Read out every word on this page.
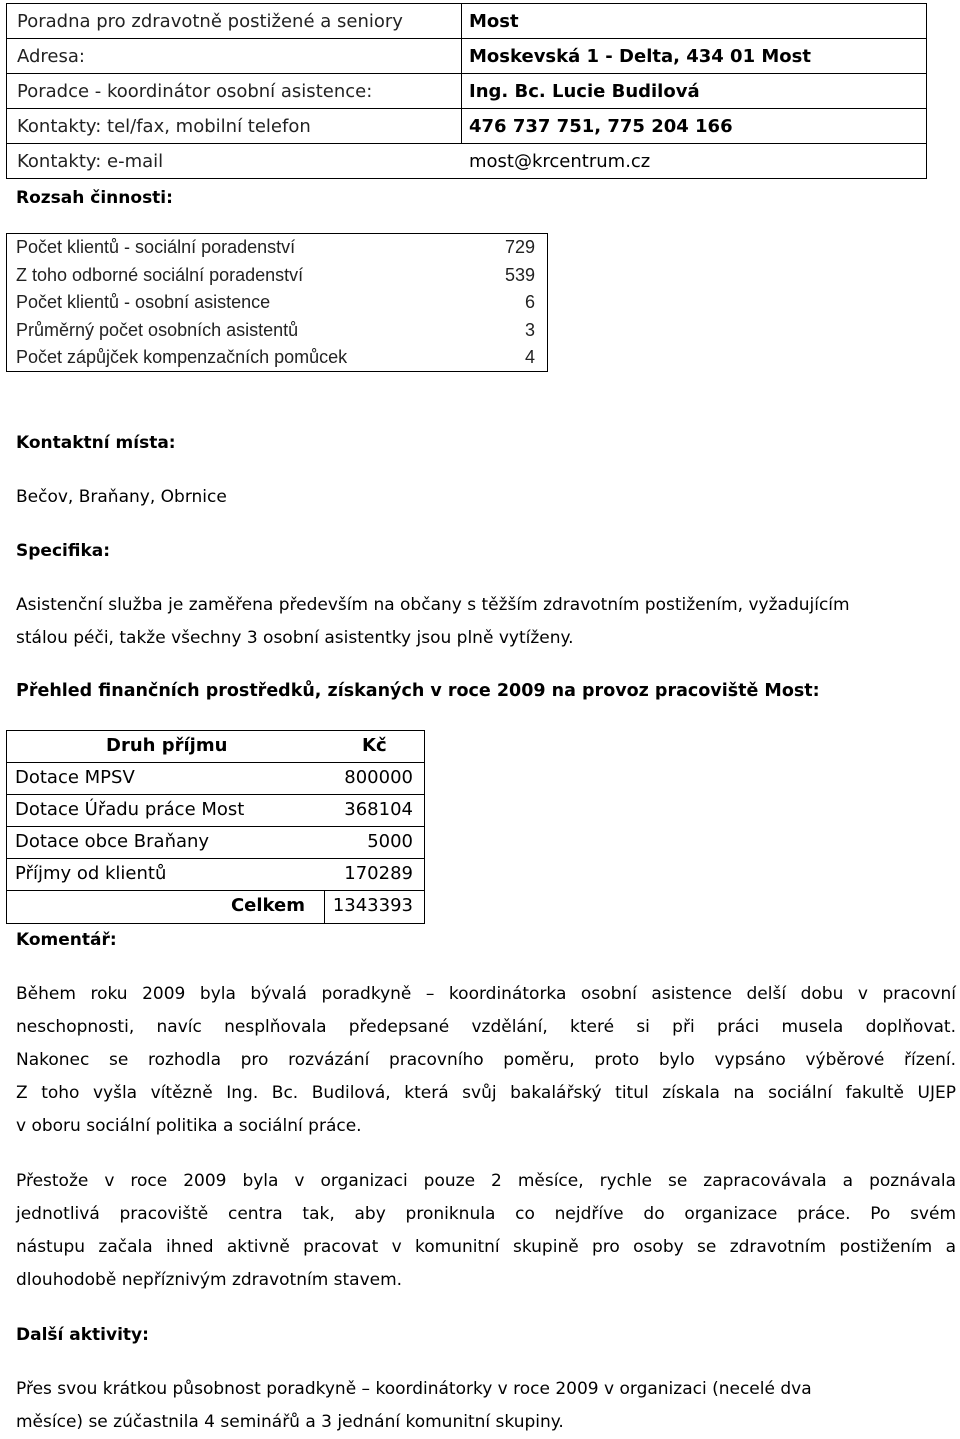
Poradna pro zdravotně postižené a seniory	Most
Adresa:	Moskevská 1 - Delta, 434 01 Most
Poradce - koordinátor osobní asistence:	Ing. Bc. Lucie Budilová
Kontakty: tel/fax, mobilní telefon	476 737 751, 775 204 166
Kontakty: e-mail	most@krcentrum.cz
Rozsah činnosti:
Počet klientů - sociální poradenství	729
Z toho odborné sociální poradenství	539
Počet klientů - osobní asistence	6
Průměrný počet osobních asistentů	3
Počet zápůjček kompenzačních pomůcek	4
Kontaktní místa:
Bečov, Braňany, Obrnice
Specifika:
Asistenční služba je zaměřena především na občany s těžším zdravotním postižením, vyžadujícím
stálou péči, takže všechny 3 osobní asistentky jsou plně vytíženy.
Přehled finančních prostředků, získaných v roce 2009 na provoz pracoviště Most:
Druh příjmu	Kč
Dotace MPSV	800000
Dotace Úřadu práce Most	368104
Dotace obce Braňany	5000
Příjmy od klientů	170289
Celkem 1343393
Komentář:
Během roku 2009 byla bývalá poradkyně – koordinátorka osobní asistence delší dobu v pracovní
neschopnosti, navíc nesplňovala předepsané vzdělání, které si při práci musela doplňovat.
Nakonec se rozhodla pro rozvázání pracovního poměru, proto bylo vypsáno výběrové řízení.
Z toho vyšla vítězně Ing. Bc. Budilová, která svůj bakalářský titul získala na sociální fakultě UJEP
v oboru sociální politika a sociální práce.
Přestože v roce 2009 byla v organizaci pouze 2 měsíce, rychle se zapracovávala a poznávala
jednotlivá pracoviště centra tak, aby proniknula co nejdříve do organizace práce. Po svém
nástupu začala ihned aktivně pracovat v komunitní skupině pro osoby se zdravotním postižením a
dlouhodobě nepříznivým zdravotním stavem.
Další aktivity:
Přes svou krátkou působnost poradkyně – koordinátorky v roce 2009 v organizaci (necelé dva
měsíce) se zúčastnila 4 seminářů a 3 jednání komunitní skupiny.
